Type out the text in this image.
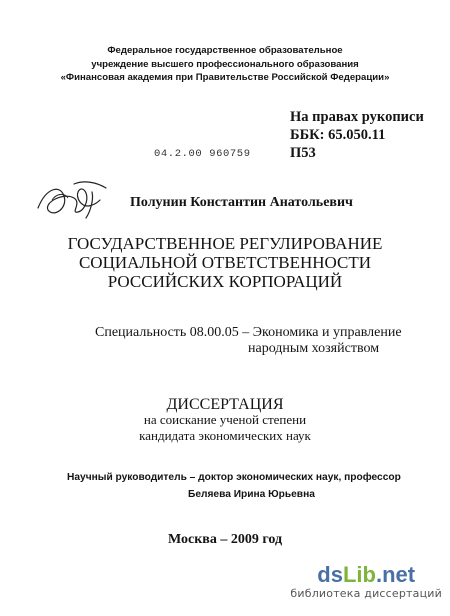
Федеральное государственное образовательное
учреждение высшего профессионального образования
«Финансовая академия при Правительстве Российской Федерации»
На правах рукописи
ББК: 65.050.11
П53
04.2.00 960759
Полунин Константин Анатольевич
ГОСУДАРСТВЕННОЕ РЕГУЛИРОВАНИЕ
СОЦИАЛЬНОЙ ОТВЕТСТВЕННОСТИ
РОССИЙСКИХ КОРПОРАЦИЙ
Специальность 08.00.05 – Экономика и управление
народным хозяйством
ДИССЕРТАЦИЯ
на соискание ученой степени
кандидата экономических наук
Научный руководитель – доктор экономических наук, профессор
Беляева Ирина Юрьевна
Москва – 2009 год
dsLib.net
библиотека диссертаций
